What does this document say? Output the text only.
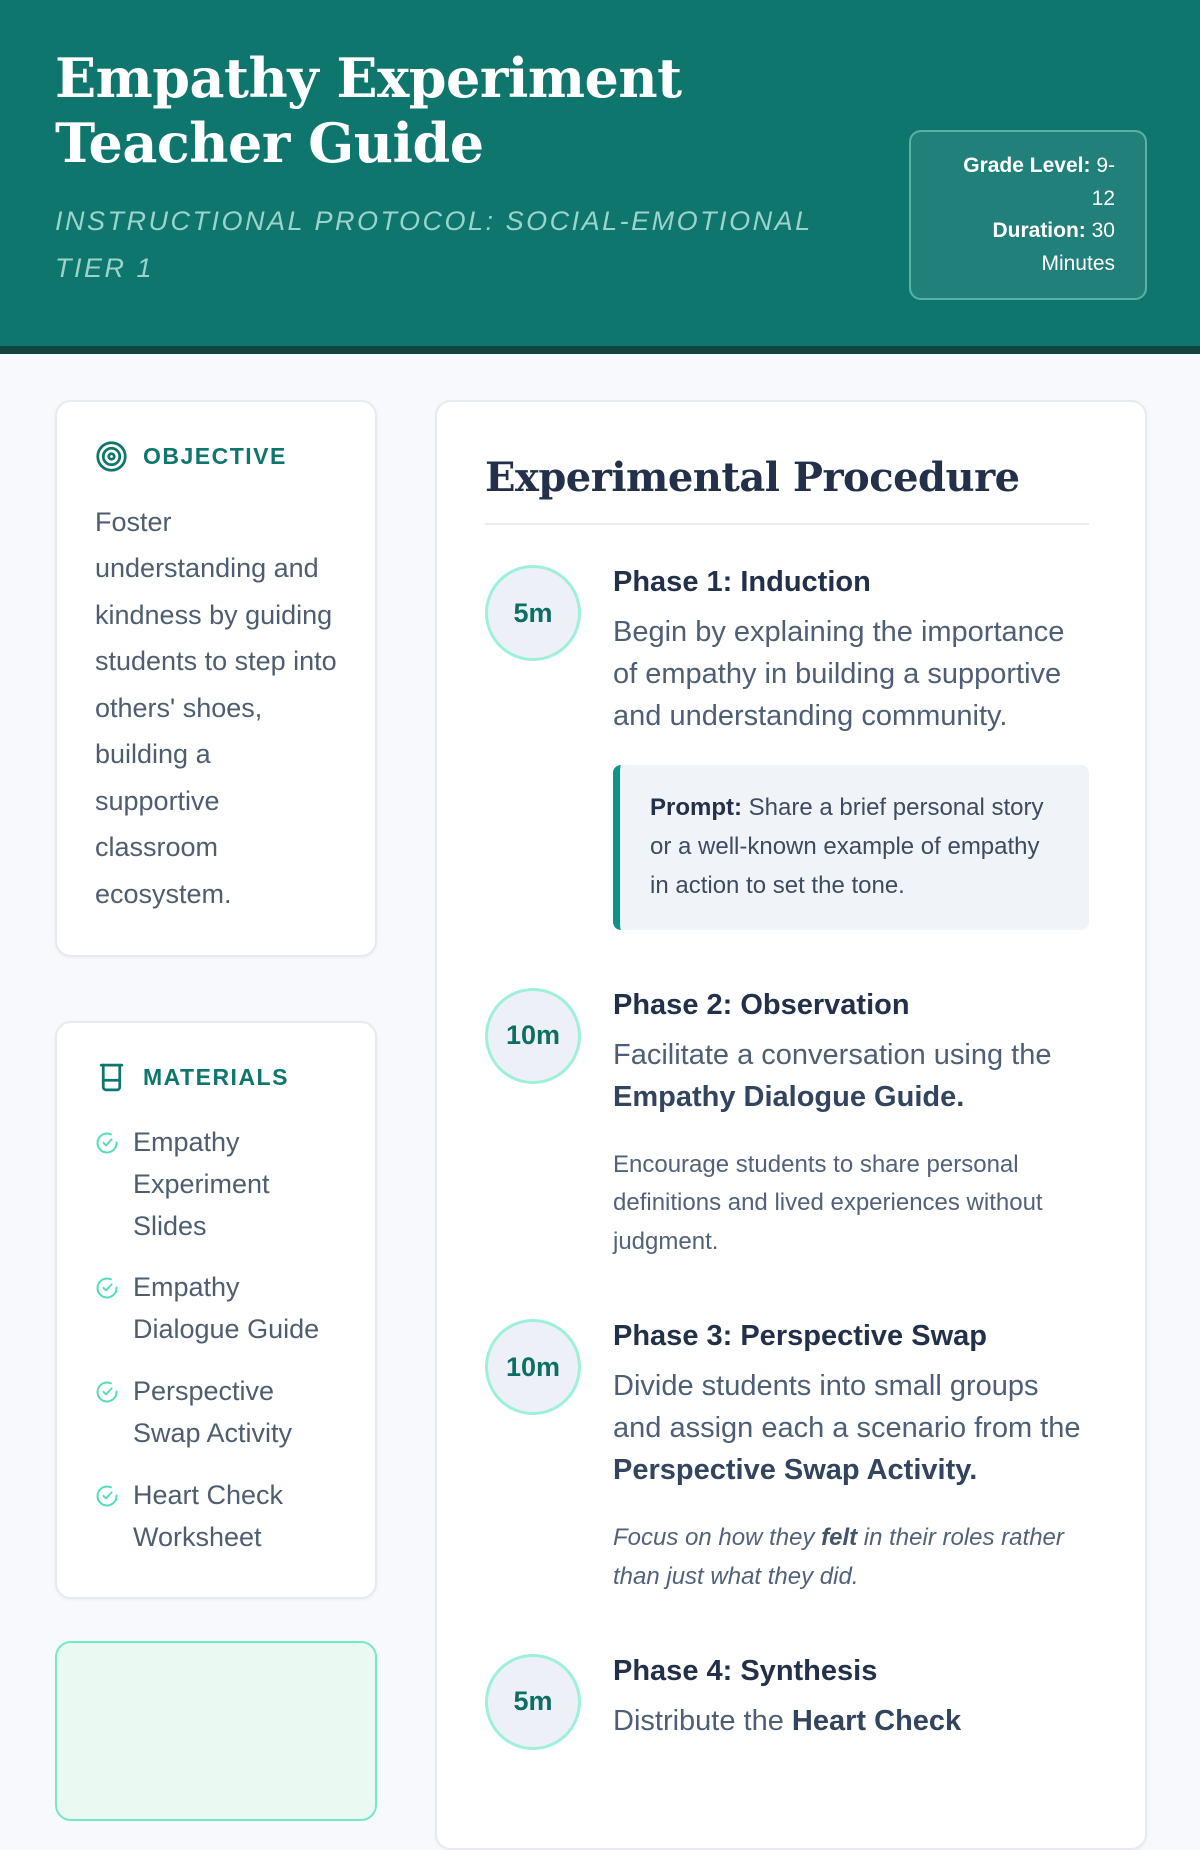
Empathy Experiment Teacher Guide
INSTRUCTIONAL PROTOCOL: SOCIAL-EMOTIONAL TIER 1
Grade Level: 9-12
Duration: 30 Minutes
OBJECTIVE

Foster understanding and kindness by guiding students to step into others' shoes, building a supportive classroom ecosystem.

MATERIALS
Empathy Experiment Slides
Empathy Dialogue Guide
Perspective Swap Activity
Heart Check Worksheet
Experimental Procedure
5m
Phase 1: Induction

Begin by explaining the importance of empathy in building a supportive and understanding community.

Prompt: Share a brief personal story or a well-known example of empathy in action to set the tone.
10m
Phase 2: Observation

Facilitate a conversation using the Empathy Dialogue Guide.

Encourage students to share personal definitions and lived experiences without judgment.

10m
Phase 3: Perspective Swap

Divide students into small groups and assign each a scenario from the Perspective Swap Activity.

Focus on how they felt in their roles rather than just what they did.

5m
Phase 4: Synthesis

Distribute the Heart Check
